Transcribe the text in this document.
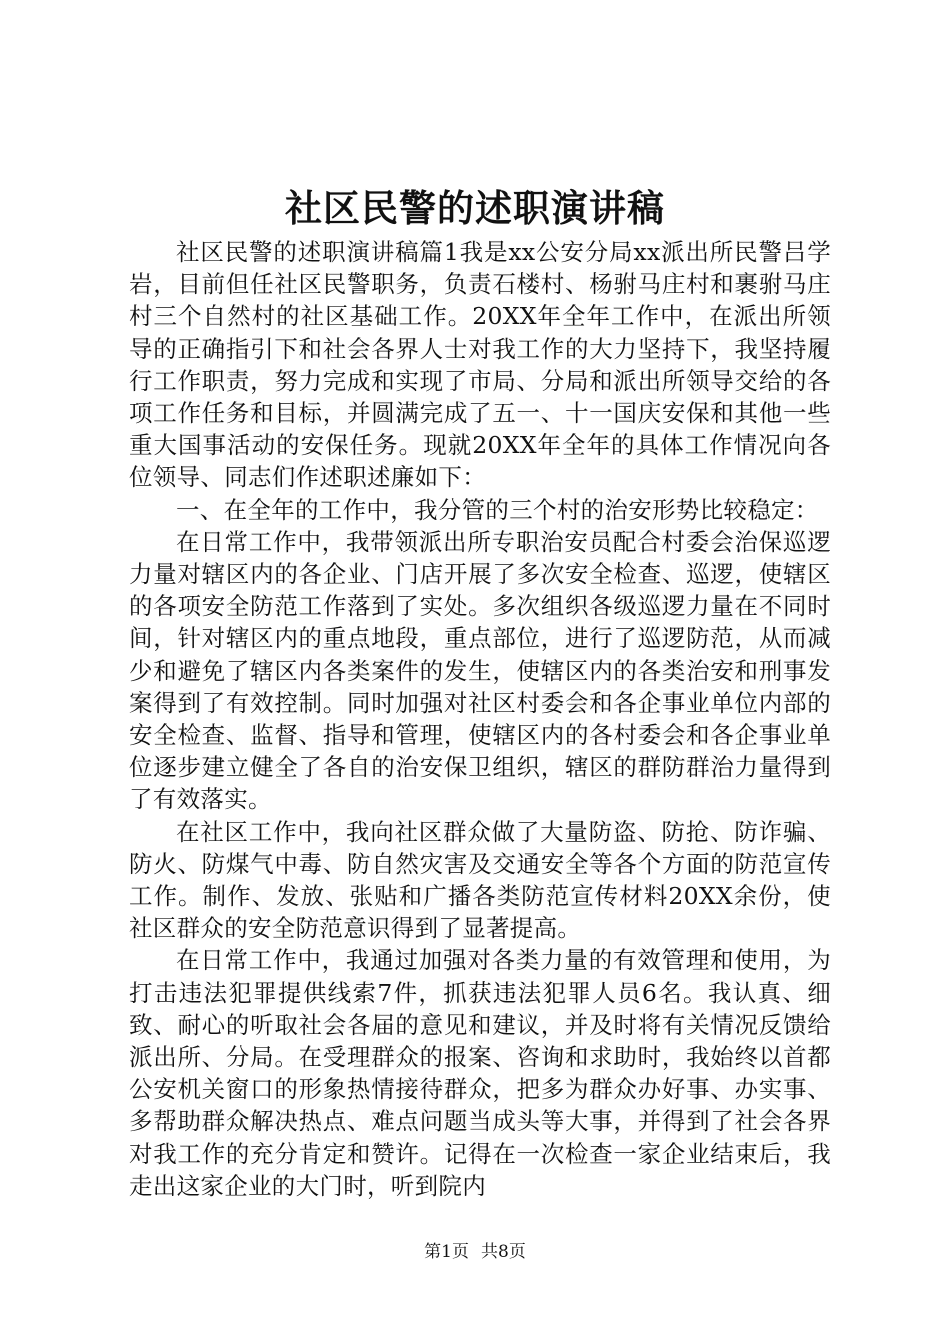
社区民警的述职演讲稿

社区民警的述职演讲稿篇1我是xx公安分局xx派出所民警吕学岩，目前但任社区民警职务，负责石楼村、杨驸马庄村和裹驸马庄村三个自然村的社区基础工作。20XX年全年工作中，在派出所领导的正确指引下和社会各界人士对我工作的大力坚持下，我坚持履行工作职责，努力完成和实现了市局、分局和派出所领导交给的各项工作任务和目标，并圆满完成了五一、十一国庆安保和其他一些重大国事活动的安保任务。现就20XX年全年的具体工作情况向各位领导、同志们作述职述廉如下：

一、在全年的工作中，我分管的三个村的治安形势比较稳定：

在日常工作中，我带领派出所专职治安员配合村委会治保巡逻力量对辖区内的各企业、门店开展了多次安全检查、巡逻，使辖区的各项安全防范工作落到了实处。多次组织各级巡逻力量在不同时间，针对辖区内的重点地段，重点部位，进行了巡逻防范，从而减少和避免了辖区内各类案件的发生，使辖区内的各类治安和刑事发案得到了有效控制。同时加强对社区村委会和各企事业单位内部的安全检查、监督、指导和管理，使辖区内的各村委会和各企事业单位逐步建立健全了各自的治安保卫组织，辖区的群防群治力量得到了有效落实。

在社区工作中，我向社区群众做了大量防盗、防抢、防诈骗、防火、防煤气中毒、防自然灾害及交通安全等各个方面的防范宣传工作。制作、发放、张贴和广播各类防范宣传材料20XX余份，使社区群众的安全防范意识得到了显著提高。

在日常工作中，我通过加强对各类力量的有效管理和使用，为打击违法犯罪提供线索7件，抓获违法犯罪人员6名。我认真、细致、耐心的听取社会各届的意见和建议，并及时将有关情况反馈给派出所、分局。在受理群众的报案、咨询和求助时，我始终以首都公安机关窗口的形象热情接待群众，把多为群众办好事、办实事、多帮助群众解决热点、难点问题当成头等大事，并得到了社会各界对我工作的充分肯定和赞许。记得在一次检查一家企业结束后，我走出这家企业的大门时，听到院内

第1页 共8页
